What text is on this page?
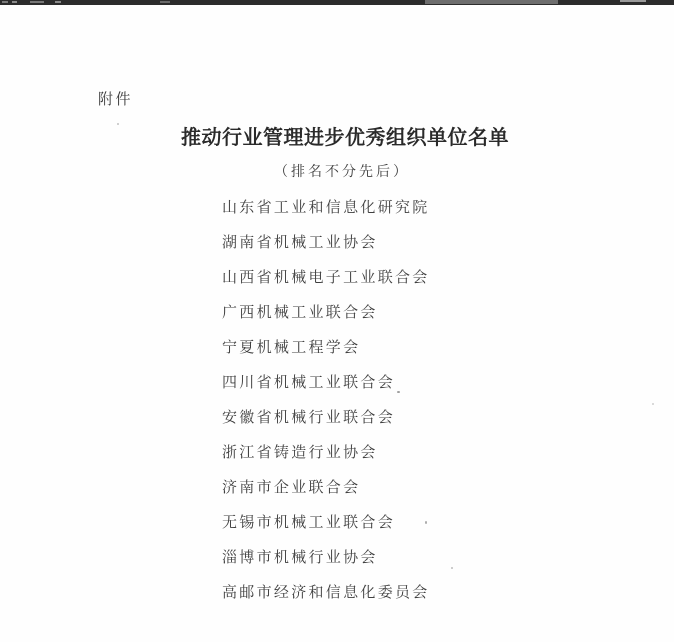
附件
推动行业管理进步优秀组织单位名单
（排名不分先后）
山东省工业和信息化研究院
湖南省机械工业协会
山西省机械电子工业联合会
广西机械工业联合会
宁夏机械工程学会
四川省机械工业联合会
安徽省机械行业联合会
浙江省铸造行业协会
济南市企业联合会
无锡市机械工业联合会
淄博市机械行业协会
高邮市经济和信息化委员会
